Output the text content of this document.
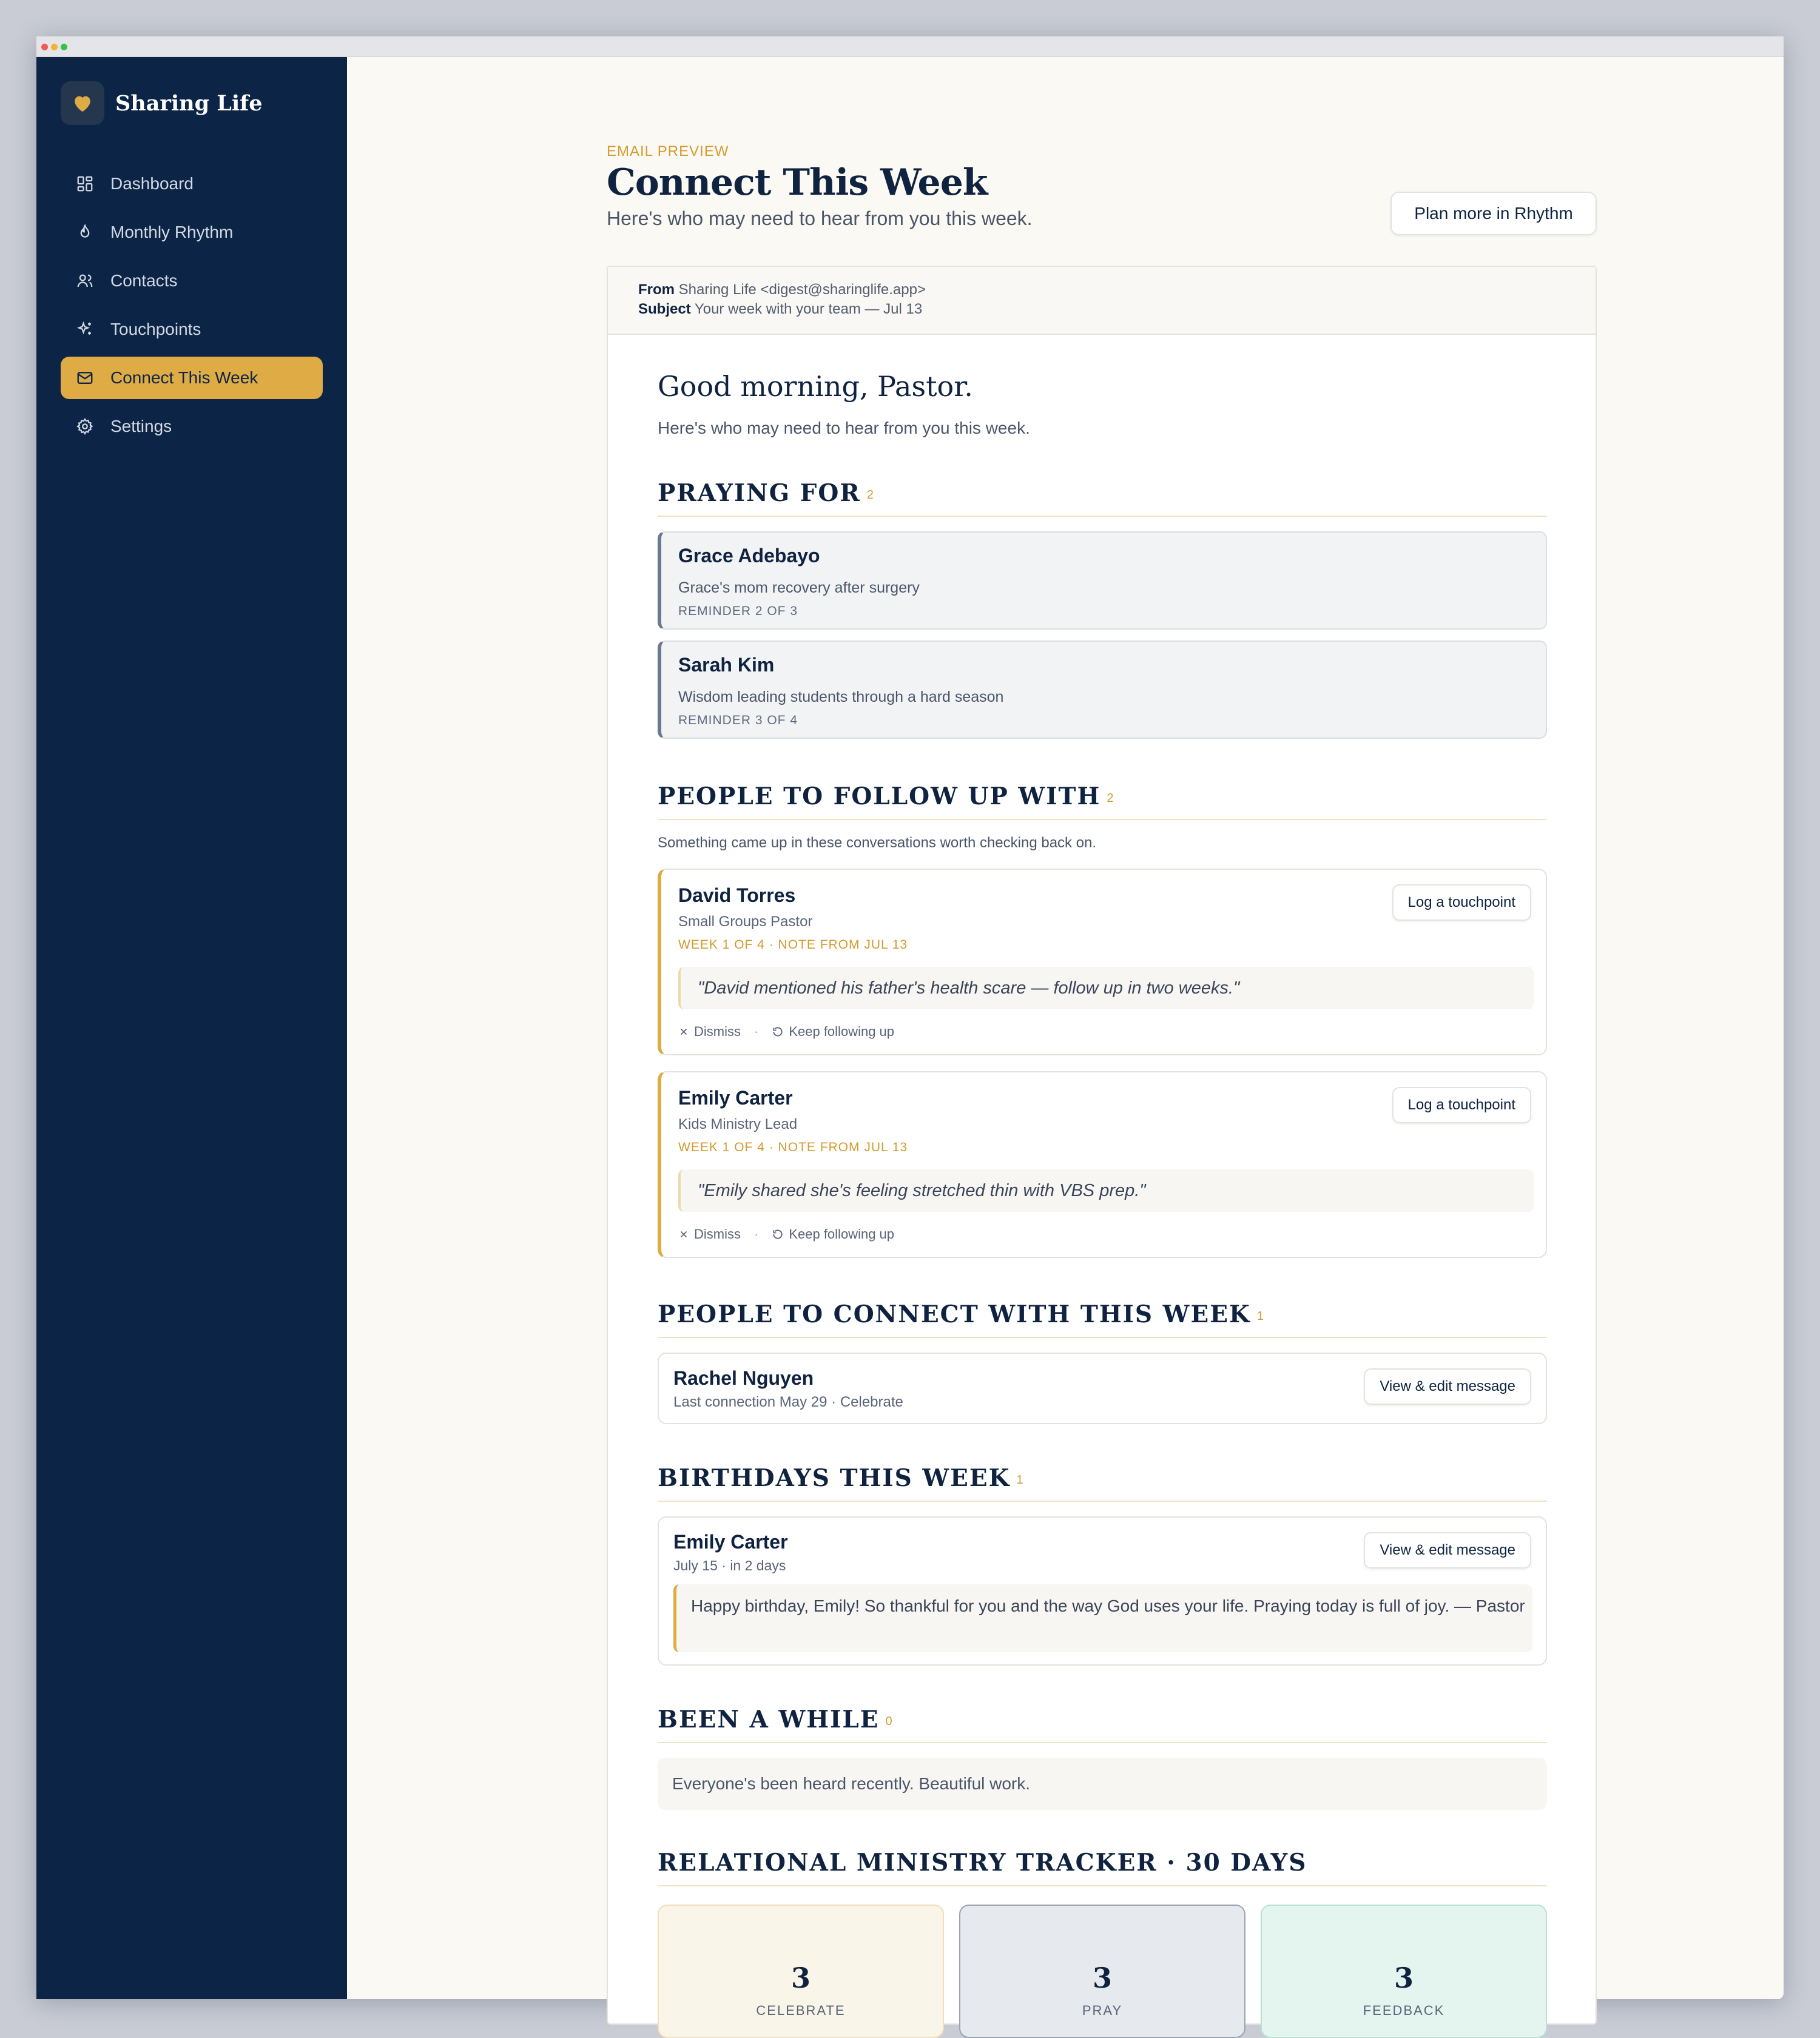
Sharing Life
Dashboard
Monthly Rhythm
Contacts
Touchpoints
Connect This Week
Settings
EMAIL PREVIEW
Connect This Week
Here's who may need to hear from you this week.	Plan more in Rhythm
From Sharing Life <digest@sharinglife.app>
Subject Your week with your team — Jul 13
Good morning, Pastor.
Here's who may need to hear from you this week.
PRAYING FOR 2
Grace Adebayo
Grace's mom recovery after surgery
REMINDER 2 OF 3
Sarah Kim
Wisdom leading students through a hard season
REMINDER 3 OF 4
PEOPLE TO FOLLOW UP WITH 2
Something came up in these conversations worth checking back on.
David Torres
Small Groups Pastor
WEEK 1 OF 4 · NOTE FROM JUL 13
"David mentioned his father's health scare — follow up in two weeks."
Dismiss · Keep following up
Log a touchpoint
Emily Carter
Kids Ministry Lead
WEEK 1 OF 4 · NOTE FROM JUL 13
"Emily shared she's feeling stretched thin with VBS prep."
Dismiss · Keep following up
Log a touchpoint
PEOPLE TO CONNECT WITH THIS WEEK 1
Rachel Nguyen
Last connection May 29 · Celebrate
View & edit message
BIRTHDAYS THIS WEEK 1
Emily Carter
July 15 · in 2 days
View & edit message
Happy birthday, Emily! So thankful for you and the way God uses your life. Praying today is full of joy. — Pastor
BEEN A WHILE 0
Everyone's been heard recently. Beautiful work.
RELATIONAL MINISTRY TRACKER · 30 DAYS
3
CELEBRATE
3
PRAY
3
FEEDBACK
